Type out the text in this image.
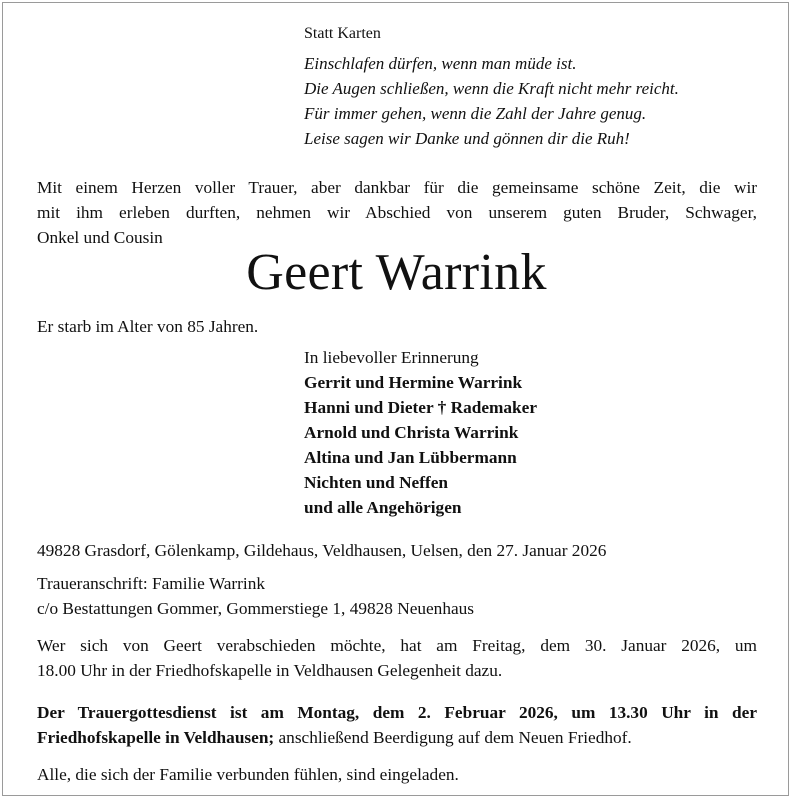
Statt Karten
Einschlafen dürfen, wenn man müde ist.
Die Augen schließen, wenn die Kraft nicht mehr reicht.
Für immer gehen, wenn die Zahl der Jahre genug.
Leise sagen wir Danke und gönnen dir die Ruh!
Mit einem Herzen voller Trauer, aber dankbar für die gemeinsame schöne Zeit, die wir
mit ihm erleben durften, nehmen wir Abschied von unserem guten Bruder, Schwager,
Onkel und Cousin
Geert Warrink
Er starb im Alter von 85 Jahren.
In liebevoller Erinnerung
Gerrit und Hermine Warrink
Hanni und Dieter † Rademaker
Arnold und Christa Warrink
Altina und Jan Lübbermann
Nichten und Neffen
und alle Angehörigen
49828 Grasdorf, Gölenkamp, Gildehaus, Veldhausen, Uelsen, den 27. Januar 2026
Traueranschrift: Familie Warrink
c/o Bestattungen Gommer, Gommerstiege 1, 49828 Neuenhaus
Wer sich von Geert verabschieden möchte, hat am Freitag, dem 30. Januar 2026, um
18.00 Uhr in der Friedhofskapelle in Veldhausen Gelegenheit dazu.
Der Trauergottesdienst ist am Montag, dem 2. Februar 2026, um 13.30 Uhr in der
Friedhofskapelle in Veldhausen; anschließend Beerdigung auf dem Neuen Friedhof.
Alle, die sich der Familie verbunden fühlen, sind eingeladen.
